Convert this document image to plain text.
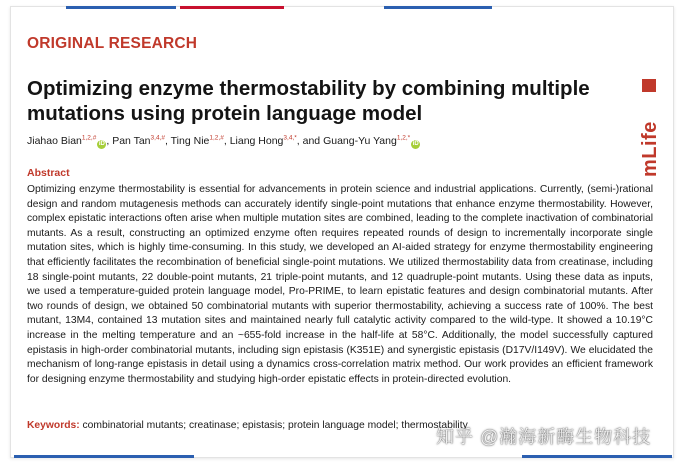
ORIGINAL RESEARCH
Optimizing enzyme thermostability by combining multiple mutations using protein language model
Jiahao Bian$^{1,2,\#}$iD , Pan Tan$^{3,4,\#}$, Ting Nie$^{1,2,\#}$, Liang Hong$^{3,4,*}$, and Guang-Yu Yang$^{1,2,*}$iD
Abstract

Optimizing enzyme thermostability is essential for advancements in protein science and industrial applications. Currently, (semi-)rational design and random mutagenesis methods can accurately identify single-point mutations that enhance enzyme thermostability. However, complex epistatic interactions often arise when multiple mutation sites are combined, leading to the complete inactivation of combinatorial mutants. As a result, constructing an optimized enzyme often requires repeated rounds of design to incrementally incorporate single mutation sites, which is highly time-consuming. In this study, we developed an AI-aided strategy for enzyme thermostability engineering that efficiently facilitates the recombination of beneficial single-point mutations. We utilized thermostability data from creatinase, including 18 single-point mutants, 22 double-point mutants, 21 triple-point mutants, and 12 quadruple-point mutants. Using these data as inputs, we used a temperature-guided protein language model, Pro-PRIME, to learn epistatic features and design combinatorial mutants. After two rounds of design, we obtained 50 combinatorial mutants with superior thermostability, achieving a success rate of 100%. The best mutant, 13M4, contained 13 mutation sites and maintained nearly full catalytic activity compared to the wild-type. It showed a 10.19°C increase in the melting temperature and an ~655-fold increase in the half-life at 58°C. Additionally, the model successfully captured epistasis in high-order combinatorial mutants, including sign epistasis (K351E) and synergistic epistasis (D17V/I149V). We elucidated the mechanism of long-range epistasis in detail using a dynamics cross-correlation matrix method. Our work provides an efficient framework for designing enzyme thermostability and studying high-order epistatic effects in protein-directed evolution.

Keywords: combinatorial mutants; creatinase; epistasis; protein language model; thermostability
mLife
知乎 @瀚海新酶生物科技
